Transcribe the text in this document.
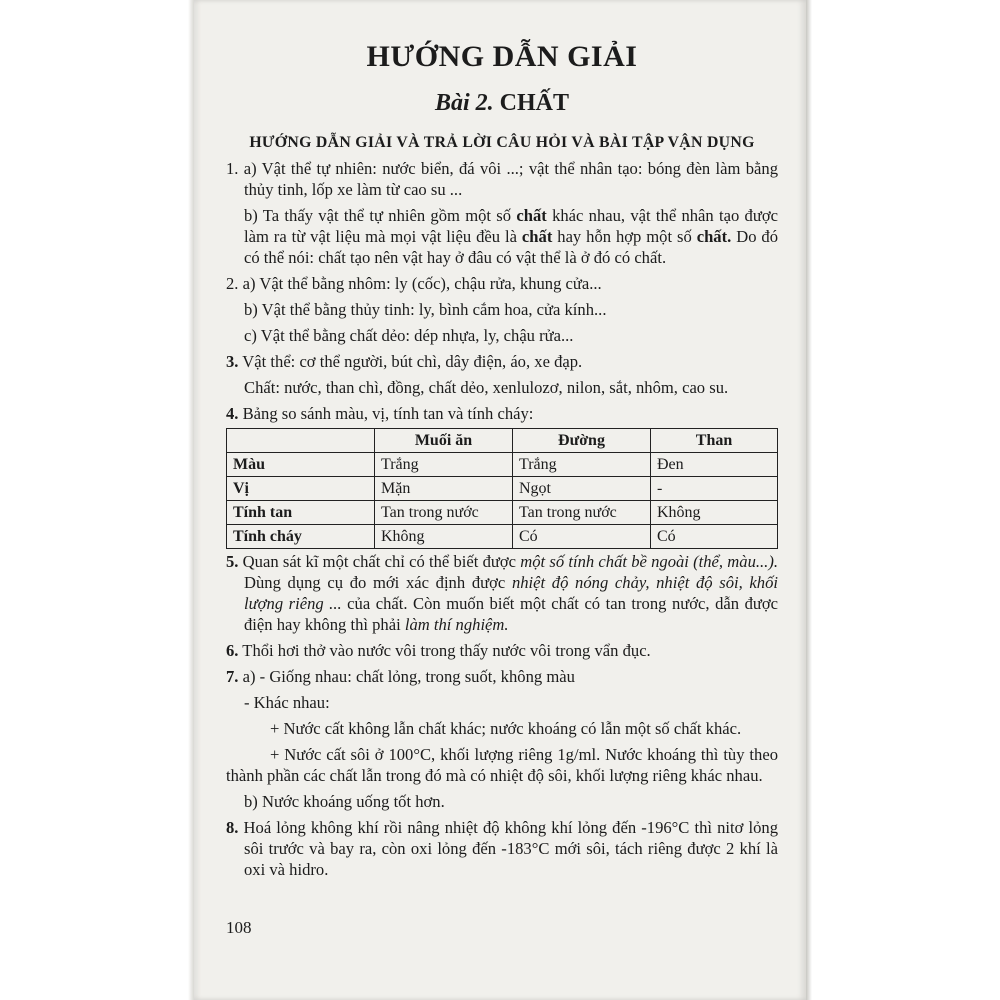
HƯỚNG DẪN GIẢI
Bài 2. CHẤT
HƯỚNG DẪN GIẢI VÀ TRẢ LỜI CÂU HỎI VÀ BÀI TẬP VẬN DỤNG

1. a) Vật thể tự nhiên: nước biển, đá vôi ...; vật thể nhân tạo: bóng đèn làm bằng thủy tinh, lốp xe làm từ cao su ...

b) Ta thấy vật thể tự nhiên gồm một số chất khác nhau, vật thể nhân tạo được làm ra từ vật liệu mà mọi vật liệu đều là chất hay hỗn hợp một số chất. Do đó có thể nói: chất tạo nên vật hay ở đâu có vật thể là ở đó có chất.

2. a) Vật thể bằng nhôm: ly (cốc), chậu rửa, khung cửa...

b) Vật thể bằng thủy tinh: ly, bình cắm hoa, cửa kính...

c) Vật thể bằng chất dẻo: dép nhựa, ly, chậu rửa...

3. Vật thể: cơ thể người, bút chì, dây điện, áo, xe đạp.

Chất: nước, than chì, đồng, chất dẻo, xenlulozơ, nilon, sắt, nhôm, cao su.

4. Bảng so sánh màu, vị, tính tan và tính cháy:

	Muối ăn	Đường	Than
Màu	Trắng	Trắng	Đen
Vị	Mặn	Ngọt	-
Tính tan	Tan trong nước	Tan trong nước	Không
Tính cháy	Không	Có	Có

5. Quan sát kĩ một chất chỉ có thể biết được một số tính chất bề ngoài (thể, màu...). Dùng dụng cụ đo mới xác định được nhiệt độ nóng chảy, nhiệt độ sôi, khối lượng riêng ... của chất. Còn muốn biết một chất có tan trong nước, dẫn được điện hay không thì phải làm thí nghiệm.

6. Thổi hơi thở vào nước vôi trong thấy nước vôi trong vẩn đục.

7. a) - Giống nhau: chất lỏng, trong suốt, không màu

- Khác nhau:

+ Nước cất không lẫn chất khác; nước khoáng có lẫn một số chất khác.

+ Nước cất sôi ở 100°C, khối lượng riêng 1g/ml. Nước khoáng thì tùy theo thành phần các chất lẫn trong đó mà có nhiệt độ sôi, khối lượng riêng khác nhau.

b) Nước khoáng uống tốt hơn.

8. Hoá lỏng không khí rồi nâng nhiệt độ không khí lỏng đến -196°C thì nitơ lỏng sôi trước và bay ra, còn oxi lỏng đến -183°C mới sôi, tách riêng được 2 khí là oxi và hidro.

108
